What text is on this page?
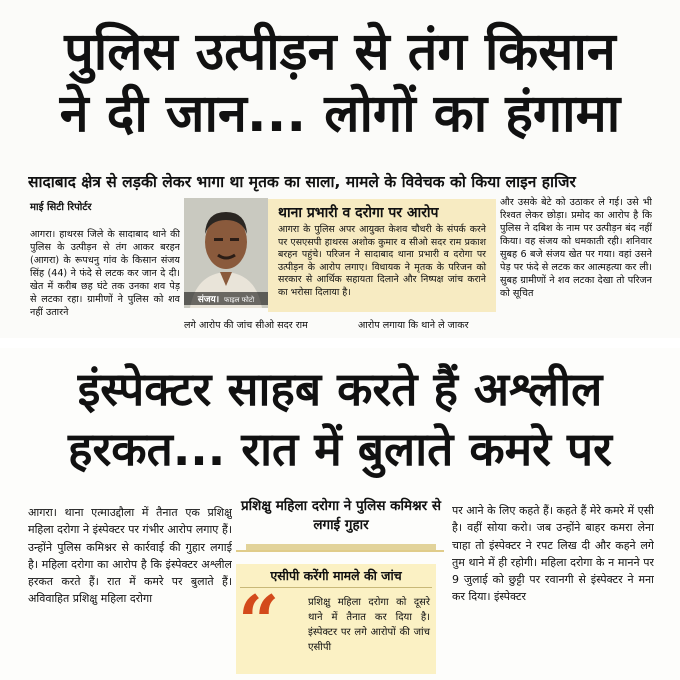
पुलिस उत्पीड़न से तंग किसान
ने दी जान... लोगों का हंगामा
सादाबाद क्षेत्र से लड़की लेकर भागा था मृतक का साला, मामले के विवेचक को किया लाइन हाजिर
माई सिटी रिपोर्टर

आगरा। हाथरस जिले के सादाबाद थाने की पुलिस के उत्पीड़न से तंग आकर बरहन (आगरा) के रूपधनु गांव के किसान संजय सिंह (44) ने फंदे से लटक कर जान दे दी। खेत में करीब छह घंटे तक उनका शव पेड़ से लटका रहा। ग्रामीणों ने पुलिस को शव नहीं उतारने

संजय। फाइल फोटो
थाना प्रभारी व दरोगा पर आरोप
आगरा के पुलिस अपर आयुक्त केशव चौधरी के संपर्क करने पर एसएसपी हाथरस अशोक कुमार व सीओ सदर राम प्रकाश बरहन पहुंचे। परिजन ने सादाबाद थाना प्रभारी व दरोगा पर उत्पीड़न के आरोप लगाए। विधायक ने मृतक के परिजन को सरकार से आर्थिक सहायता दिलाने और निष्पक्ष जांच कराने का भरोसा दिलाया है।
लगे आरोप की जांच सीओ सदर राम	आरोप लगाया कि थाने ले जाकर

और उसके बेटे को उठाकर ले गई। उसे भी रिश्वत लेकर छोड़ा। प्रमोद का आरोप है कि पुलिस ने दबिश के नाम पर उत्पीड़न बंद नहीं किया। वह संजय को धमकाती रही। शनिवार सुबह 6 बजे संजय खेत पर गया। वहां उसने पेड़ पर फंदे से लटक कर आत्महत्या कर ली। सुबह ग्रामीणों ने शव लटका देखा तो परिजन को सूचित

इंस्पेक्टर साहब करते हैं अश्लील
हरकत... रात में बुलाते कमरे पर

आगरा। थाना एत्माउद्दौला में तैनात एक प्रशिक्षु महिला दरोगा ने इंस्पेक्टर पर गंभीर आरोप लगाए हैं। उन्होंने पुलिस कमिश्नर से कार्रवाई की गुहार लगाई है। महिला दरोगा का आरोप है कि इंस्पेक्टर अश्लील हरकत करते हैं। रात में कमरे पर बुलाते हैं। अविवाहित प्रशिक्षु महिला दरोगा

प्रशिक्षु महिला दरोगा ने पुलिस कमिश्नर से लगाई गुहार
एसीपी करेंगी मामले की जांच
“	प्रशिक्षु महिला दरोगा को दूसरे थाने में तैनात कर दिया है। इंस्पेक्टर पर लगे आरोपों की जांच एसीपी

पर आने के लिए कहते हैं। कहते हैं मेरे कमरे में एसी है। वहीं सोया करो। जब उन्होंने बाहर कमरा लेना चाहा तो इंस्पेक्टर ने रपट लिख दी और कहने लगे तुम थाने में ही रहोगी। महिला दरोगा के न मानने पर 9 जुलाई को छुट्टी पर रवानगी से इंस्पेक्टर ने मना कर दिया। इंस्पेक्टर
